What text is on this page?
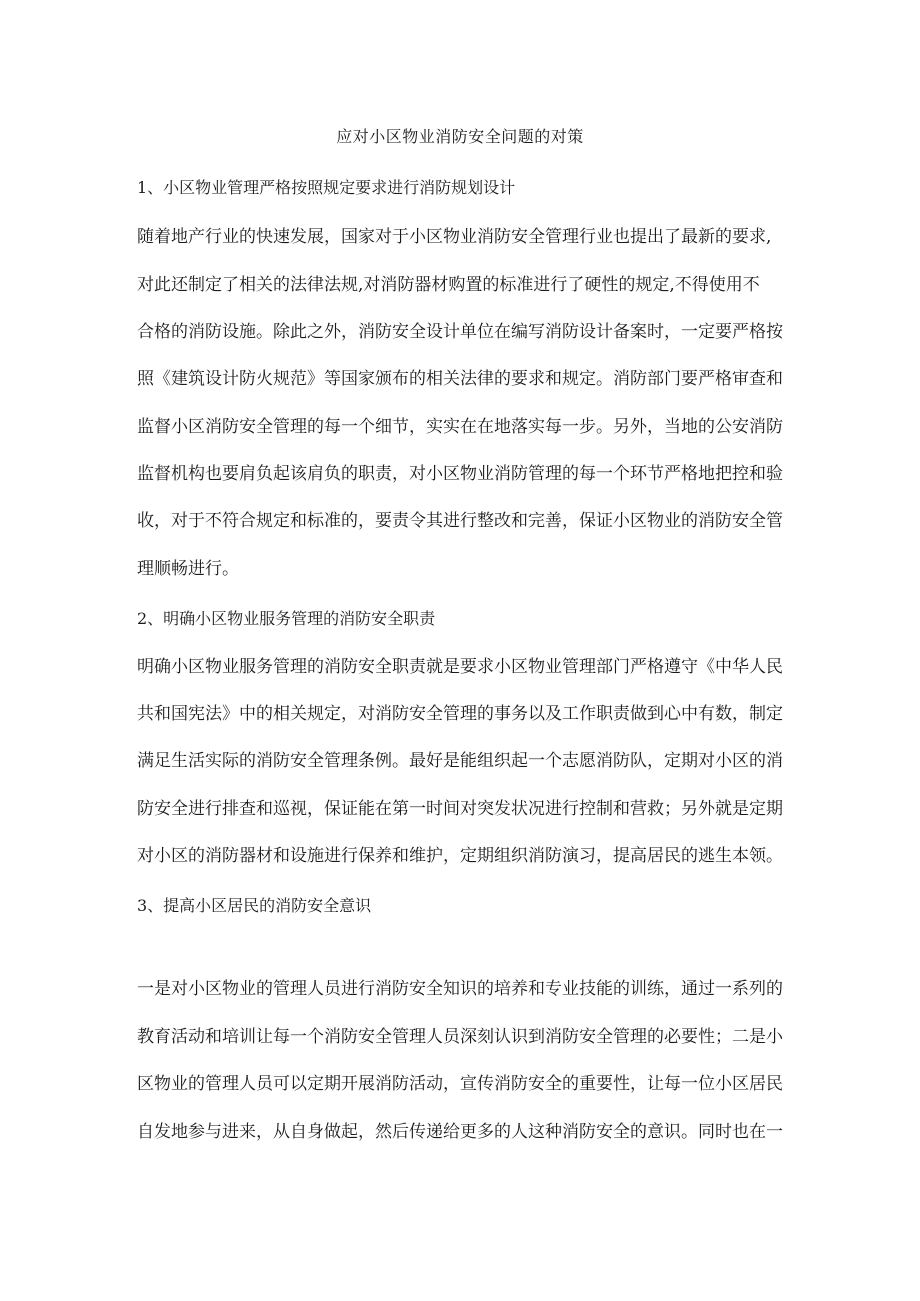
应对小区物业消防安全问题的对策
1、小区物业管理严格按照规定要求进行消防规划设计
随着地产行业的快速发展，国家对于小区物业消防安全管理行业也提出了最新的要求,
对此还制定了相关的法律法规,对消防器材购置的标准进行了硬性的规定,不得使用不
合格的消防设施。除此之外，消防安全设计单位在编写消防设计备案时，一定要严格按
照《建筑设计防火规范》等国家颁布的相关法律的要求和规定。消防部门要严格审查和
监督小区消防安全管理的每一个细节，实实在在地落实每一步。另外，当地的公安消防
监督机构也要肩负起该肩负的职责，对小区物业消防管理的每一个环节严格地把控和验
收，对于不符合规定和标准的，要责令其进行整改和完善，保证小区物业的消防安全管
理顺畅进行。
2、明确小区物业服务管理的消防安全职责
明确小区物业服务管理的消防安全职责就是要求小区物业管理部门严格遵守《中华人民
共和国宪法》中的相关规定，对消防安全管理的事务以及工作职责做到心中有数，制定
满足生活实际的消防安全管理条例。最好是能组织起一个志愿消防队，定期对小区的消
防安全进行排查和巡视，保证能在第一时间对突发状况进行控制和营救；另外就是定期
对小区的消防器材和设施进行保养和维护，定期组织消防演习，提高居民的逃生本领。
3、提高小区居民的消防安全意识
一是对小区物业的管理人员进行消防安全知识的培养和专业技能的训练，通过一系列的
教育活动和培训让每一个消防安全管理人员深刻认识到消防安全管理的必要性；二是小
区物业的管理人员可以定期开展消防活动，宣传消防安全的重要性，让每一位小区居民
自发地参与进来，从自身做起，然后传递给更多的人这种消防安全的意识。同时也在一
